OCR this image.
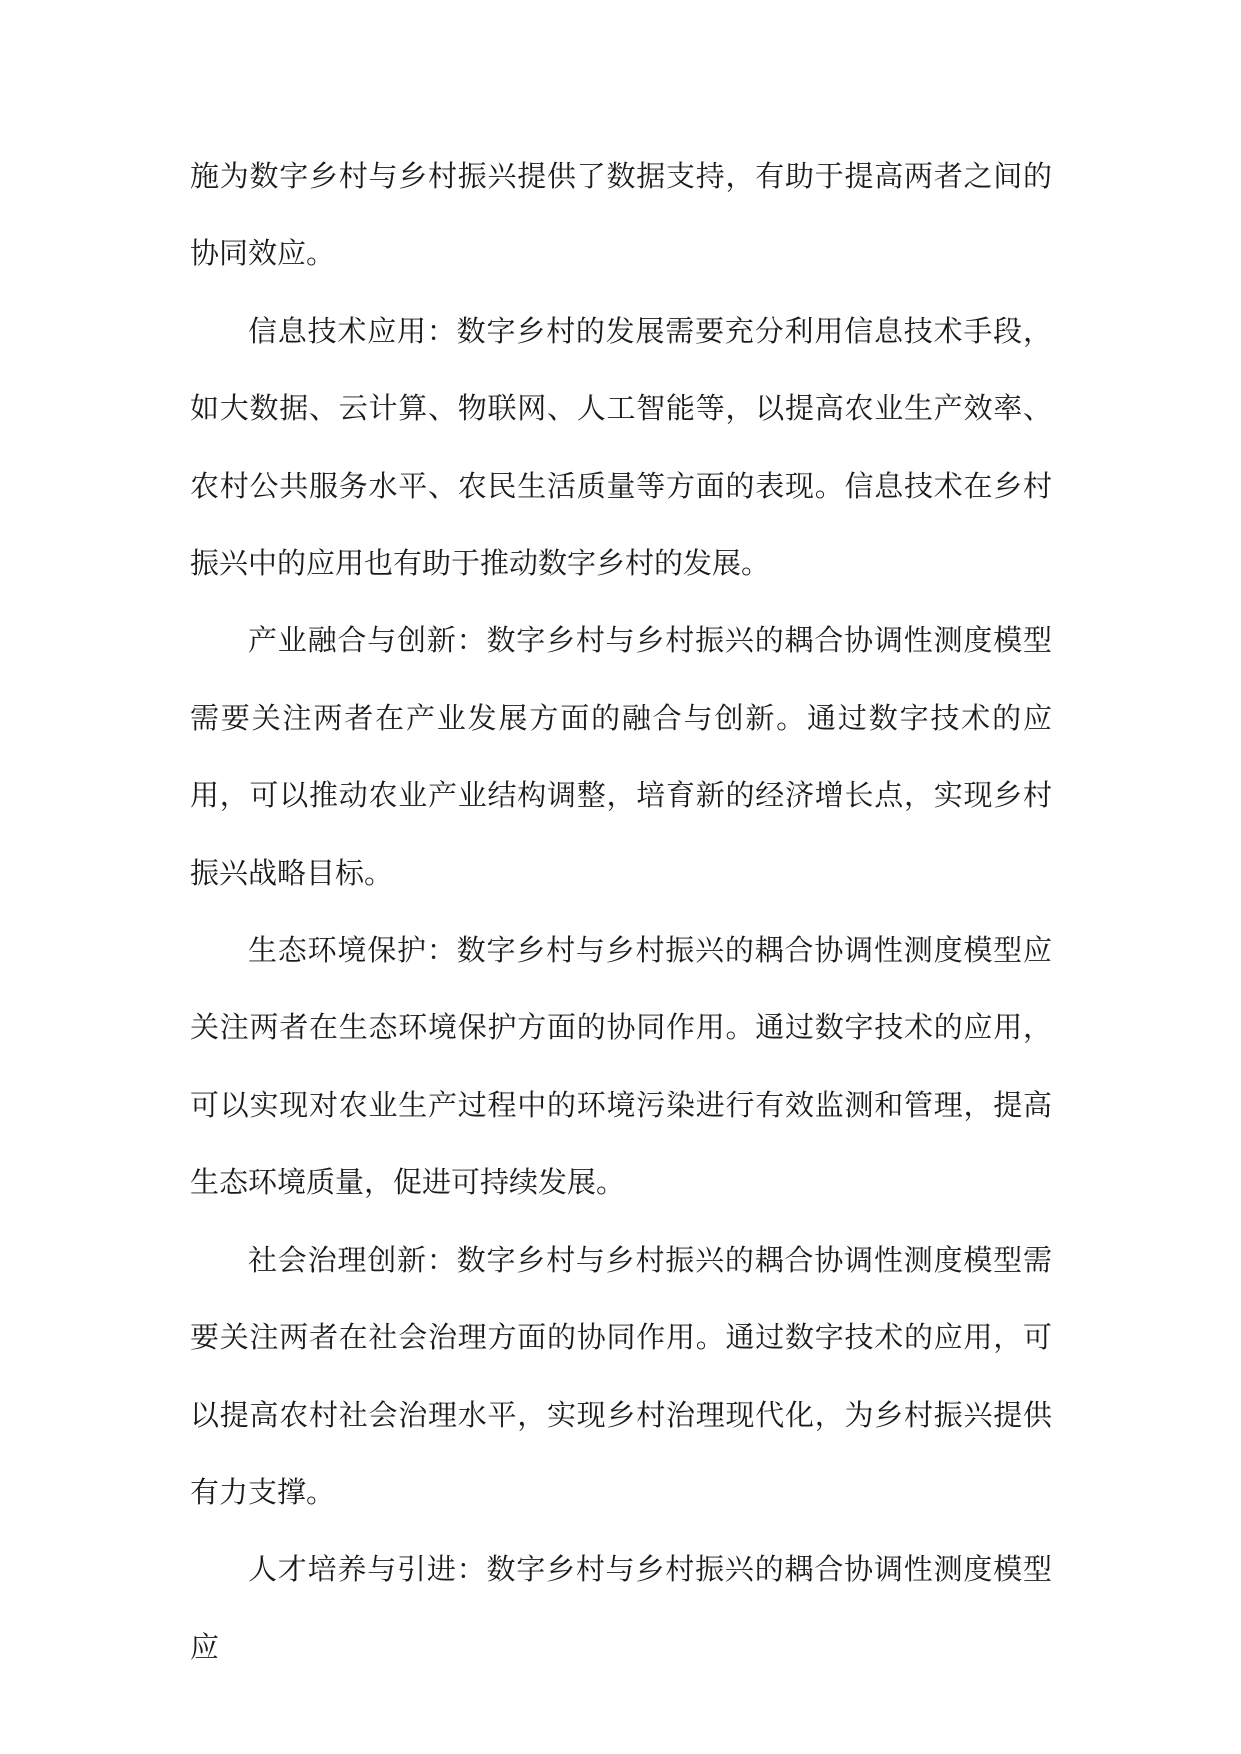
施为数字乡村与乡村振兴提供了数据支持，有助于提高两者之间的协同效应。

信息技术应用：数字乡村的发展需要充分利用信息技术手段，如大数据、云计算、物联网、人工智能等，以提高农业生产效率、农村公共服务水平、农民生活质量等方面的表现。信息技术在乡村振兴中的应用也有助于推动数字乡村的发展。

产业融合与创新：数字乡村与乡村振兴的耦合协调性测度模型需要关注两者在产业发展方面的融合与创新。通过数字技术的应用，可以推动农业产业结构调整，培育新的经济增长点，实现乡村振兴战略目标。

生态环境保护：数字乡村与乡村振兴的耦合协调性测度模型应关注两者在生态环境保护方面的协同作用。通过数字技术的应用，可以实现对农业生产过程中的环境污染进行有效监测和管理，提高生态环境质量，促进可持续发展。

社会治理创新：数字乡村与乡村振兴的耦合协调性测度模型需要关注两者在社会治理方面的协同作用。通过数字技术的应用，可以提高农村社会治理水平，实现乡村治理现代化，为乡村振兴提供有力支撑。

人才培养与引进：数字乡村与乡村振兴的耦合协调性测度模型应
